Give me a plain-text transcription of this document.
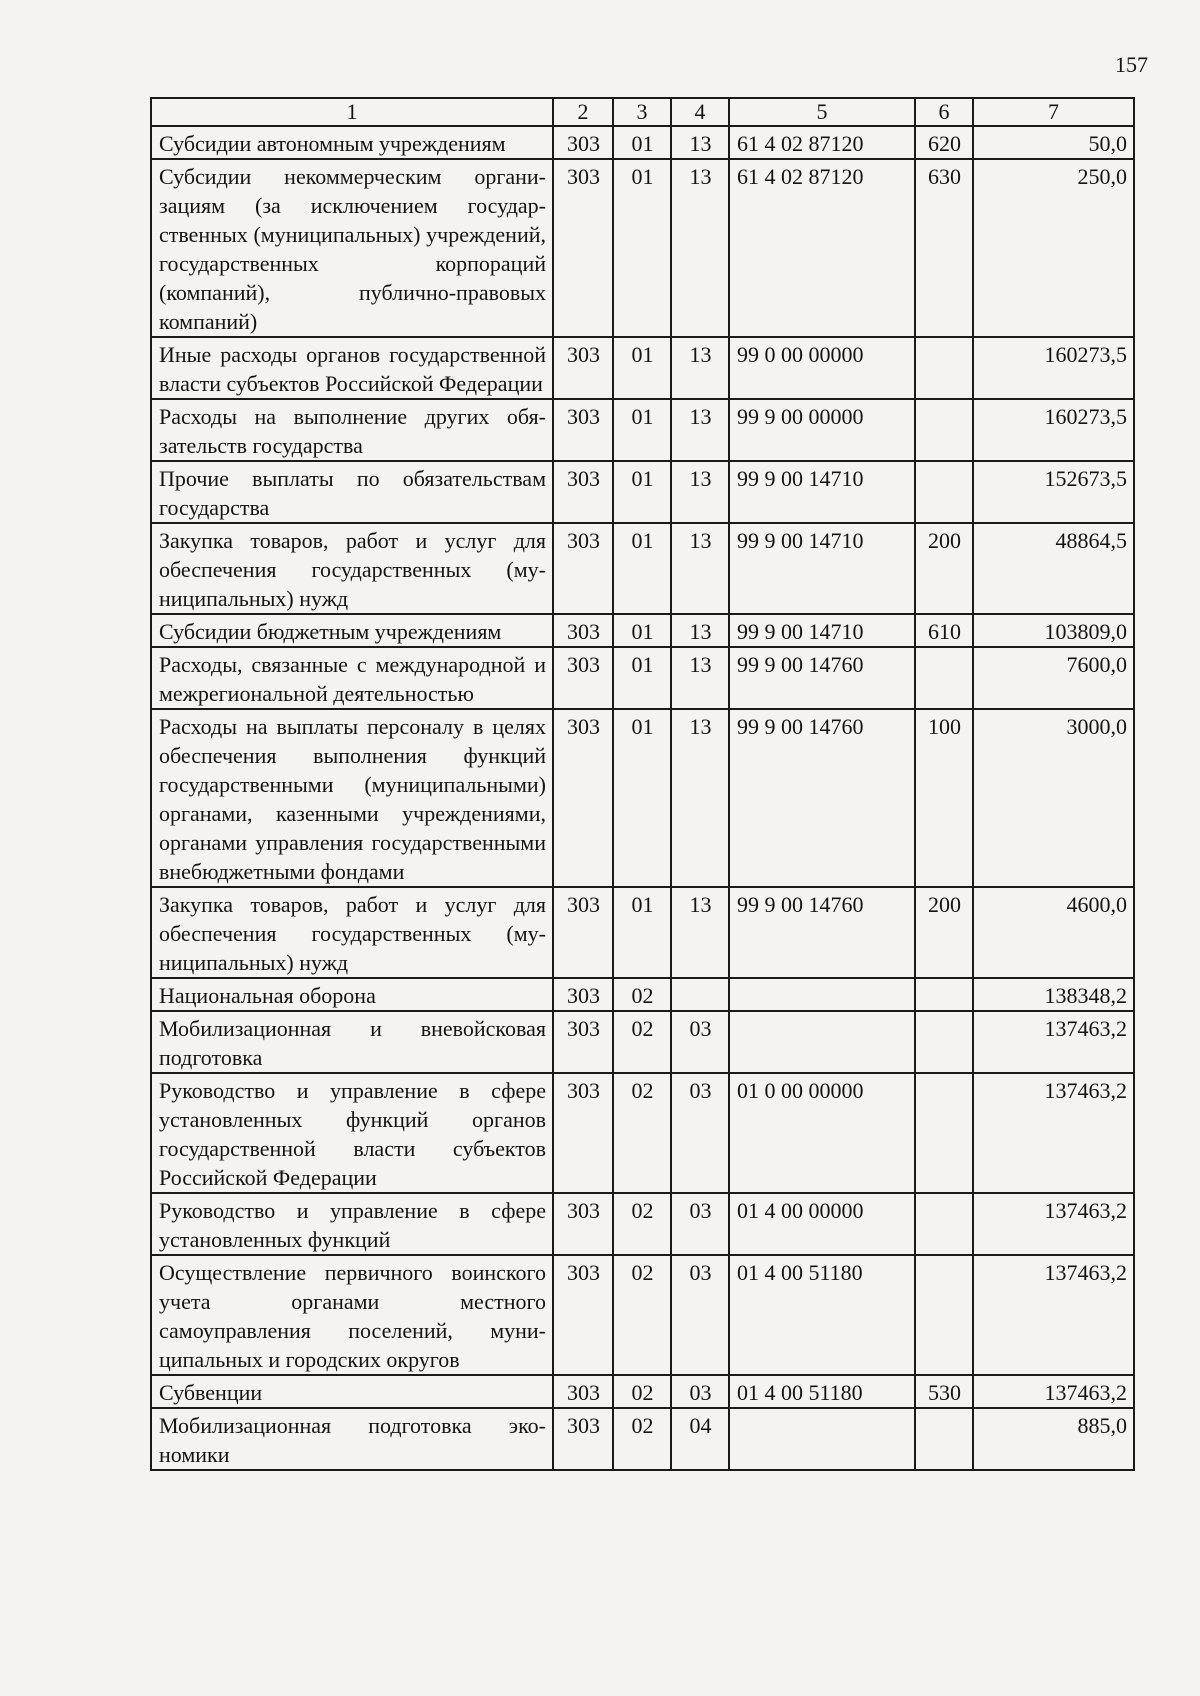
157
1	2	3	4	5	6	7
Субсидии автономным учреждениям	303	01	13	61 4 02 87120	620	50,0
Субсидии некоммерческим организациям (за исключением государственных (муниципальных) учреждений, государственных корпораций (компаний), публично-правовых компаний)	303	01	13	61 4 02 87120	630	250,0
Иные расходы органов государственной власти субъектов Российской Федерации	303	01	13	99 0 00 00000		160273,5
Расходы на выполнение других обязательств государства	303	01	13	99 9 00 00000		160273,5
Прочие выплаты по обязательствам государства	303	01	13	99 9 00 14710		152673,5
Закупка товаров, работ и услуг для обеспечения государственных (муниципальных) нужд	303	01	13	99 9 00 14710	200	48864,5
Субсидии бюджетным учреждениям	303	01	13	99 9 00 14710	610	103809,0
Расходы, связанные с международной и межрегиональной деятельностью	303	01	13	99 9 00 14760		7600,0
Расходы на выплаты персоналу в целях обеспечения выполнения функций государственными (муниципальными) органами, казенными учреждениями, органами управления государственными внебюджетными фондами	303	01	13	99 9 00 14760	100	3000,0
Закупка товаров, работ и услуг для обеспечения государственных (муниципальных) нужд	303	01	13	99 9 00 14760	200	4600,0
Национальная оборона	303	02				138348,2
Мобилизационная и вневойсковая подготовка	303	02	03			137463,2
Руководство и управление в сфере установленных функций органов государственной власти субъектов Российской Федерации	303	02	03	01 0 00 00000		137463,2
Руководство и управление в сфере установленных функций	303	02	03	01 4 00 00000		137463,2
Осуществление первичного воинского учета органами местного самоуправления поселений, муниципальных и городских округов	303	02	03	01 4 00 51180		137463,2
Субвенции	303	02	03	01 4 00 51180	530	137463,2
Мобилизационная подготовка экономики	303	02	04			885,0
